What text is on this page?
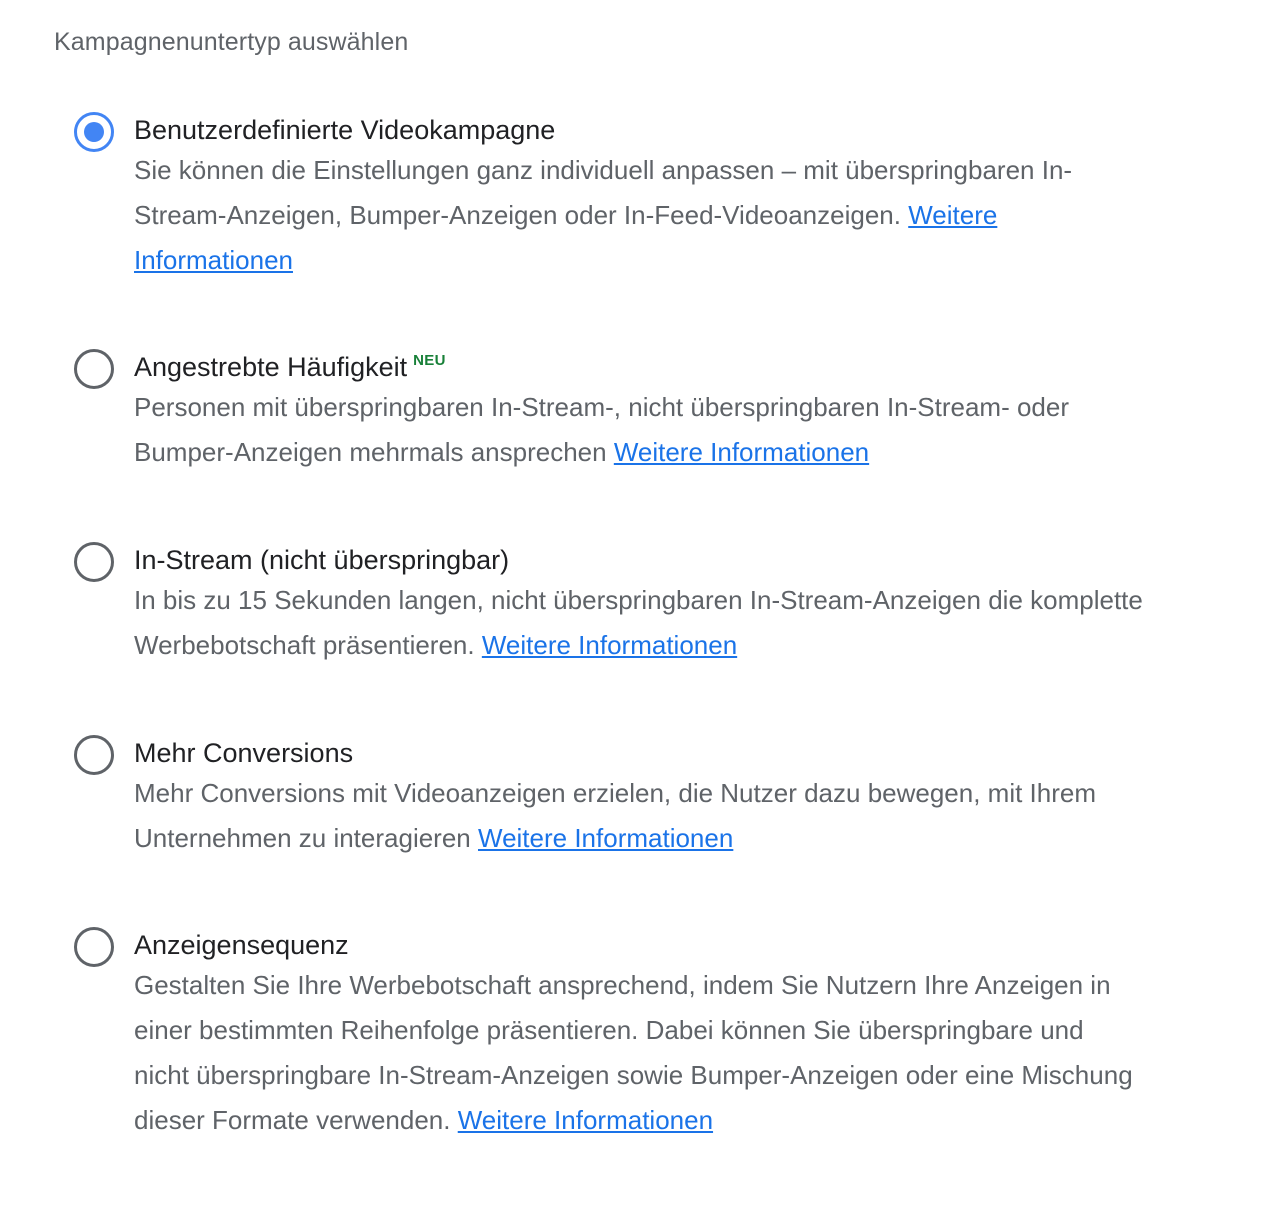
Kampagnenuntertyp auswählen
Benutzerdefinierte Videokampagne
Sie können die Einstellungen ganz individuell anpassen – mit überspringbaren In-Stream-Anzeigen, Bumper-Anzeigen oder In-Feed-Videoanzeigen. Weitere Informationen
Angestrebte Häufigkeit $^{NEU}$
Personen mit überspringbaren In-Stream-, nicht überspringbaren In-Stream- oder Bumper-Anzeigen mehrmals ansprechen Weitere Informationen
In-Stream (nicht überspringbar)
In bis zu 15 Sekunden langen, nicht überspringbaren In-Stream-Anzeigen die komplette Werbebotschaft präsentieren. Weitere Informationen
Mehr Conversions
Mehr Conversions mit Videoanzeigen erzielen, die Nutzer dazu bewegen, mit Ihrem Unternehmen zu interagieren Weitere Informationen
Anzeigensequenz
Gestalten Sie Ihre Werbebotschaft ansprechend, indem Sie Nutzern Ihre Anzeigen in einer bestimmten Reihenfolge präsentieren. Dabei können Sie überspringbare und nicht überspringbare In-Stream-Anzeigen sowie Bumper-Anzeigen oder eine Mischung dieser Formate verwenden. Weitere Informationen
